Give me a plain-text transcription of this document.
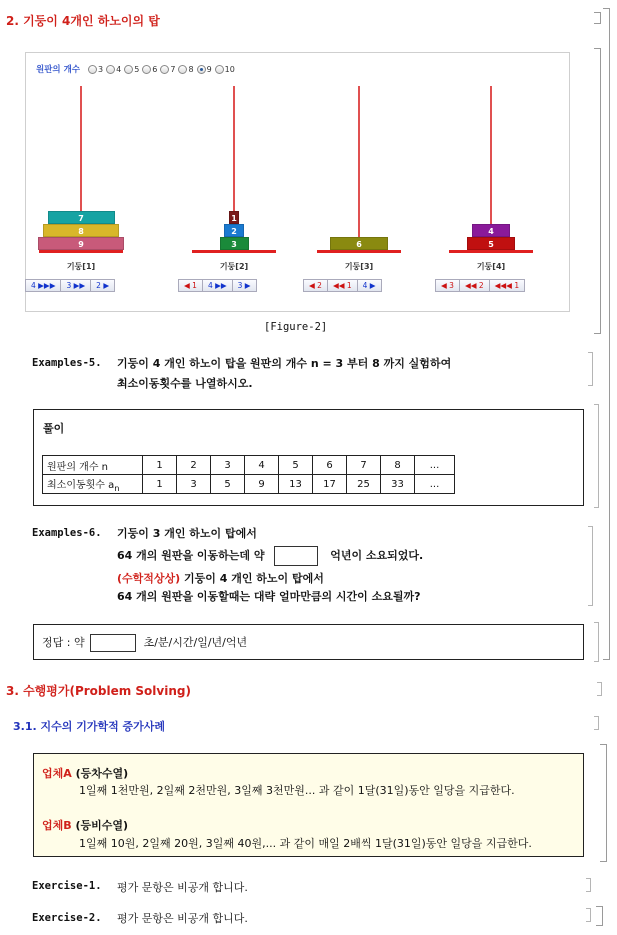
2. 기둥이 4개인 하노이의 탑
원판의 개수 3 4 5 6 7 8 9 10
7
8
9
기둥[1]
4 ▶▶▶	3 ▶▶	2 ▶
1
2
3
기둥[2]
◀ 1	4 ▶▶	3 ▶
6
기둥[3]
◀ 2	◀◀ 1	4 ▶
4
5
기둥[4]
◀ 3	◀◀ 2	◀◀◀ 1
[Figure-2]
Examples-5. 기둥이 4 개인 하노이 탑을 원판의 개수 n = 3 부터 8 까지 실험하여
최소이동횟수를 나열하시오.
풀이
원판의 개수 n	1	2	3	4	5	6	7	8	...
최소이동횟수 $a_n$	1	3	5	9	13	17	25	33	...
Examples-6. 기둥이 3 개인 하노이 탑에서
64 개의 원판을 이동하는데 약	억년이 소요되었다.
(수학적상상) 기둥이 4 개인 하노이 탑에서
64 개의 원판을 이동할때는 대략 얼마만큼의 시간이 소요될까?
정답 : 약	초/분/시간/일/년/억년
3. 수행평가(Problem Solving)
3.1. 지수의 기가학적 증가사례
업체A (등차수열)
1일째 1천만원, 2일째 2천만원, 3일째 3천만원... 과 같이 1달(31일)동안 일당을 지급한다.
업체B (등비수열)
1일째 10원, 2일째 20원, 3일째 40원,... 과 같이 매일 2배씩 1달(31일)동안 일당을 지급한다.
Exercise-1. 평가 문항은 비공개 합니다.
Exercise-2. 평가 문항은 비공개 합니다.
